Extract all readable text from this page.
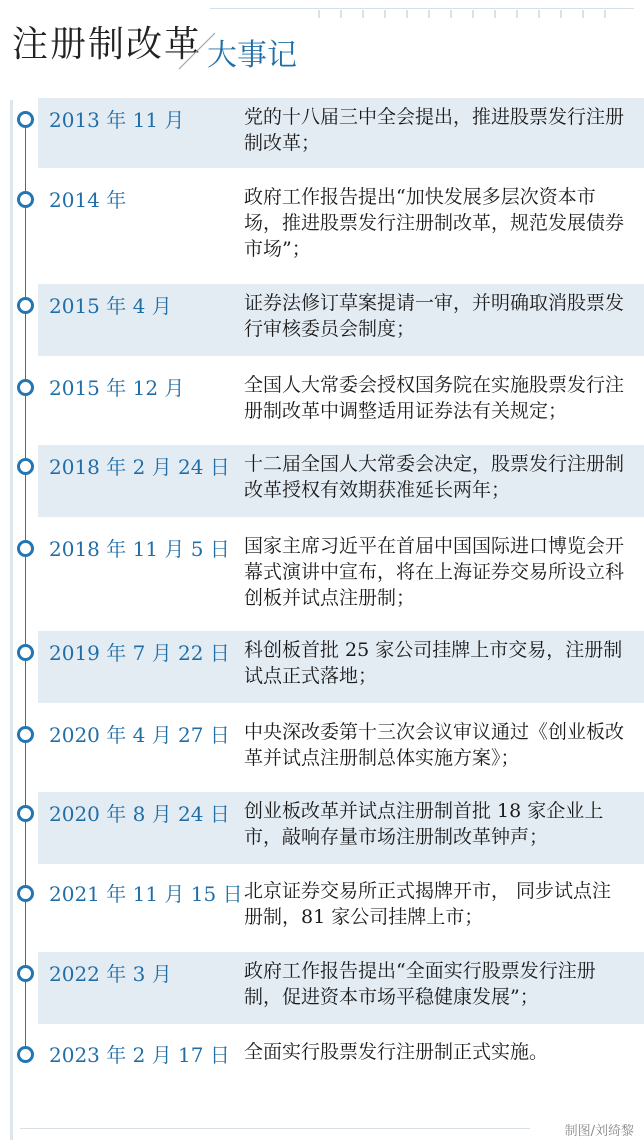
注册制改革 大事记
2013 年 11 月	党的十八届三中全会提出，推进股票发行注册制改革；
2014 年	政府工作报告提出“加快发展多层次资本市场，推进股票发行注册制改革，规范发展债券市场”；
2015 年 4 月	证券法修订草案提请一审，并明确取消股票发行审核委员会制度；
2015 年 12 月	全国人大常委会授权国务院在实施股票发行注册制改革中调整适用证券法有关规定；
2018 年 2 月 24 日 十二届全国人大常委会决定，股票发行注册制改革授权有效期获准延长两年；
2018 年 11 月 5 日 国家主席习近平在首届中国国际进口博览会开幕式演讲中宣布，将在上海证券交易所设立科创板并试点注册制；
2019 年 7 月 22 日 科创板首批 25 家公司挂牌上市交易，注册制试点正式落地；
2020 年 4 月 27 日 中央深改委第十三次会议审议通过《创业板改革并试点注册制总体实施方案》；
2020 年 8 月 24 日 创业板改革并试点注册制首批 18 家企业上市，敲响存量市场注册制改革钟声；
2021 年 11 月 15 日 北京证券交易所正式揭牌开市， 同步试点注册制，81 家公司挂牌上市；
2022 年 3 月	政府工作报告提出“全面实行股票发行注册制，促进资本市场平稳健康发展”；
2023 年 2 月 17 日 全面实行股票发行注册制正式实施。
制图/刘绮黎
